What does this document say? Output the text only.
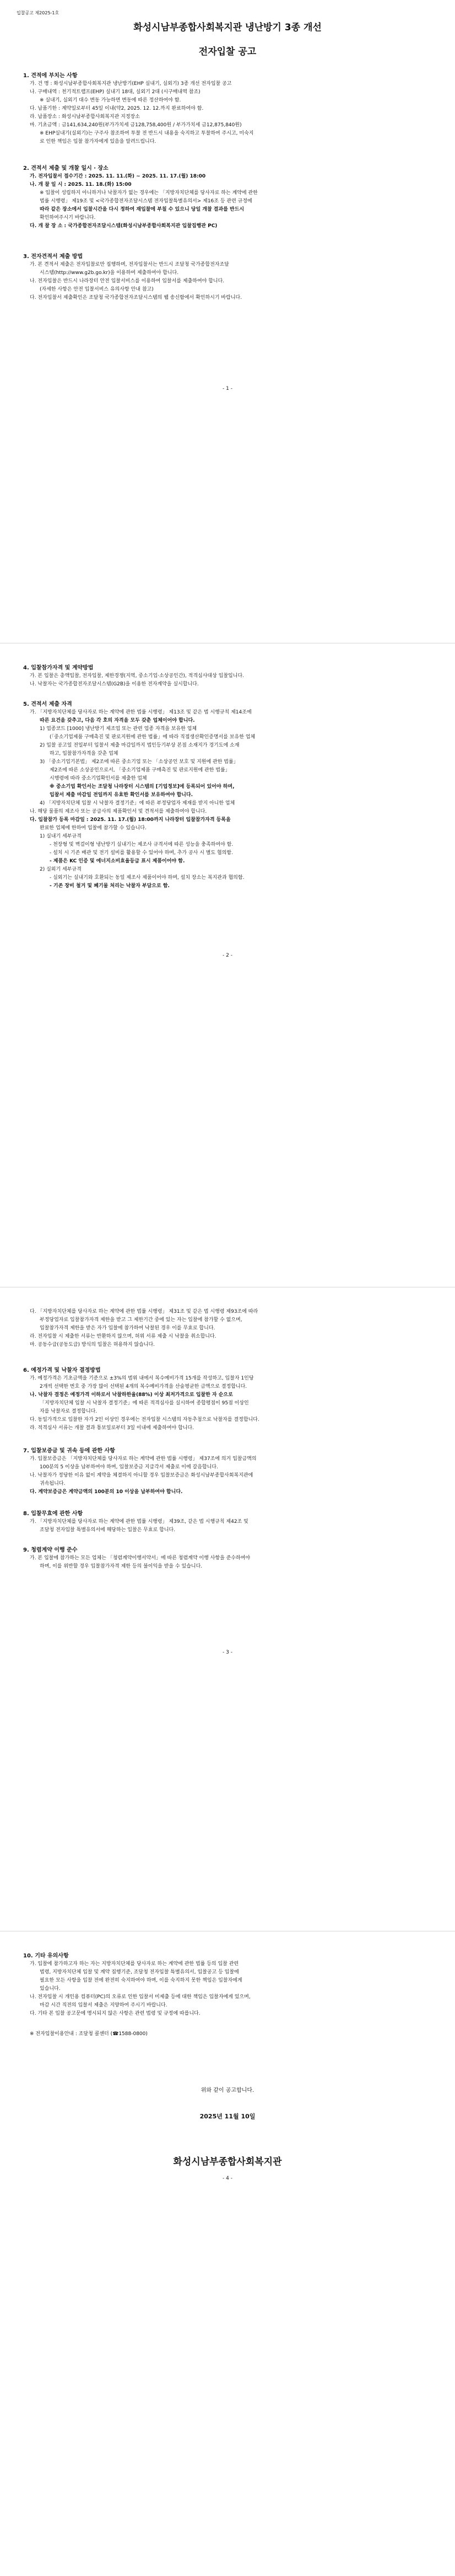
입찰공고 제2025-1호
화성시남부종합사회복지관 냉난방기 3종 개선
전자입찰 공고
1. 견적에 부치는 사항
가. 건 명 : 화성시남부종합사회복지관 냉난방기(EHP 실내기, 실외기) 3종 개선 전자입찰 공고
나. 구매내역 : 천기적트랩프(EHP) 실내기 18대, 실외기 2대 (시구매내역 참조)
※ 실내기, 실외기 대수 변동 가능하면 변동에 따른 정산하여야 함.
다. 납품기한 : 계약일로부터 45일 이내(약2, 2025. 12. 12.까지 완료하여야 함.
라. 납품장소 : 화성시남부종합사회복지관 지정장소
마. 기초금액 : 금141,634,240원(부가가치세 금128,758,400원 / 부가가치세 금12,875,840원)
※ EHP실내기(실외기)는 구주사 참조하여 투찰 전 반드시 내용을 숙지하고 투찰하여 주시고, 미숙지
로 인한 책임은 입찰 참가자에게 있음을 알려드립니다.
2. 견적서 제출 및 개찰 일시 · 장소
가. 전자입찰서 접수기간 : 2025. 11. 11.(화) ~ 2025. 11. 17.(월) 18:00
나. 개 찰 일 시 : 2025. 11. 18.(화) 15:00
※ 입찰이 성립하지 아니하거나 낙찰자가 없는 경우에는 「지방자치단체를 당사자로 하는 계약에 관한
법률 시행령」 제19조 및 <국가종합전자조달시스템 전자입찰특별유의서> 제16조 등 관련 규정에
따라 같은 장소에서 입찰시간을 다시 정하여 재입찰에 부칠 수 있으니 당일 개찰 결과를 반드시
확인하여주시기 바랍니다.
다. 개 찰 장 소 : 국가종합전자조달시스템(화성시남부종합사회복지관 입찰집행관 PC)
3. 전자견적서 제출 방법
가. 본 견적서 제출은 전자입찰로만 집행하며, 전자입찰서는 반드시 조달청 국가종합전자조달
시스템(http://www.g2b.go.kr)을 이용하여 제출하여야 합니다.
나. 전자입찰은 반드시 나라장터 안전 입찰서비스를 이용하여 입찰서를 제출하여야 합니다.
(자세한 사항은 안전 입찰서비스 유의사항 안내 참고)
다. 전자입찰서 제출확인은 조달청 국가종합전자조달시스템의 웹 송신함에서 확인하시기 바랍니다.
- 1 -
4. 입찰참가자격 및 계약방법
가. 본 입찰은 총액입찰, 전자입찰, 제한경쟁(지역, 중소기업·소상공인간), 적격심사대상 입찰입니다.
나. 낙찰자는 국가종합전자조달시스템(G2B)을 이용한 전자계약을 실시합니다.
5. 견적서 제출 자격
가. 「지방자치단체를 당사자로 하는 계약에 관한 법률 시행령」 제13조 및 같은 법 시행규칙 제14조에
따른 요건을 갖추고, 다음 각 호의 자격을 모두 갖춘 업체이어야 합니다.
1) 업종코드 [1000] 냉난방기 제조업 또는 관련 업종 자격을 보유한 업체
(「중소기업제품 구매촉진 및 판로지원에 관한 법률」에 따라 직접생산확인증명서를 보유한 업체
2) 입찰 공고일 전일부터 입찰서 제출 마감일까지 법인등기부상 본점 소재지가 경기도에 소재
하고, 입찰참가자격을 갖춘 업체
3) 「중소기업기본법」 제2조에 따른 중소기업 또는 「소상공인 보호 및 지원에 관한 법률」
제2조에 따른 소상공인으로서, 「중소기업제품 구매촉진 및 판로지원에 관한 법률」
시행령에 따라 중소기업확인서를 제출한 업체
※ 중소기업 확인서는 조달청 나라장터 시스템의 [기업정보]에 등록되어 있어야 하며,
입찰서 제출 마감일 전일까지 유효한 확인서를 보유하여야 합니다.
4) 「지방자치단체 입찰 시 낙찰자 결정기준」에 따른 부정당업자 제재를 받지 아니한 업체
나. 해당 물품의 제조사 또는 공급사의 제품확인서 및 견적서를 제출하여야 합니다.
다. 입찰참가 등록 마감일 : 2025. 11. 17.(월) 18:00까지 나라장터 입찰참가자격 등록을
완료한 업체에 한하여 입찰에 참가할 수 있습니다.
1) 실내기 세부규격
- 천장형 및 벽걸이형 냉난방기 실내기는 제조사 규격서에 따른 성능을 충족하여야 함.
- 설치 시 기존 배관 및 전기 설비를 활용할 수 있어야 하며, 추가 공사 시 별도 협의함.
- 제품은 KC 인증 및 에너지소비효율등급 표시 제품이어야 함.
2) 실외기 세부규격
- 실외기는 실내기와 호환되는 동일 제조사 제품이어야 하며, 설치 장소는 복지관과 협의함.
- 기존 장비 철거 및 폐기물 처리는 낙찰자 부담으로 함.
- 2 -
다. 「지방자치단체를 당사자로 하는 계약에 관한 법률 시행령」 제31조 및 같은 법 시행령 제93조에 따라
부정당업자로 입찰참가자격 제한을 받고 그 제한기간 중에 있는 자는 입찰에 참가할 수 없으며,
입찰참가자격 제한을 받은 자가 입찰에 참가하여 낙찰된 경우 이를 무효로 합니다.
라. 전자입찰 시 제출한 서류는 반환하지 않으며, 허위 서류 제출 시 낙찰을 취소합니다.
마. 공동수급(공동도급) 방식의 입찰은 허용하지 않습니다.
6. 예정가격 및 낙찰자 결정방법
가. 예정가격은 기초금액을 기준으로 ±3%의 범위 내에서 복수예비가격 15개를 작성하고, 입찰자 1인당
2개씩 선택한 번호 중 가장 많이 선택된 4개의 복수예비가격을 산술평균한 금액으로 결정합니다.
나. 낙찰자 결정은 예정가격 이하로서 낙찰하한율(88%) 이상 최저가격으로 입찰한 자 순으로
「지방자치단체 입찰 시 낙찰자 결정기준」에 따른 적격심사를 실시하여 종합평점이 95점 이상인
자를 낙찰자로 결정합니다.
다. 동일가격으로 입찰한 자가 2인 이상인 경우에는 전자입찰 시스템의 자동추첨으로 낙찰자를 결정합니다.
라. 적격심사 서류는 개찰 결과 통보일로부터 3일 이내에 제출하여야 합니다.
7. 입찰보증금 및 귀속 등에 관한 사항
가. 입찰보증금은 「지방자치단체를 당사자로 하는 계약에 관한 법률 시행령」 제37조에 의거 입찰금액의
100분의 5 이상을 납부하여야 하며, 입찰보증금 지급각서 제출로 이에 갈음합니다.
나. 낙찰자가 정당한 이유 없이 계약을 체결하지 아니할 경우 입찰보증금은 화성시남부종합사회복지관에
귀속됩니다.
다. 계약보증금은 계약금액의 100분의 10 이상을 납부하여야 합니다.
8. 입찰무효에 관한 사항
가. 「지방자치단체를 당사자로 하는 계약에 관한 법률 시행령」 제39조, 같은 법 시행규칙 제42조 및
조달청 전자입찰 특별유의서에 해당하는 입찰은 무효로 합니다.
9. 청렴계약 이행 준수
가. 본 입찰에 참가하는 모든 업체는 「청렴계약이행서약서」에 따른 청렴계약 이행 사항을 준수하여야
하며, 이를 위반할 경우 입찰참가자격 제한 등의 불이익을 받을 수 있습니다.
- 3 -
10. 기타 유의사항
가. 입찰에 참가하고자 하는 자는 지방자치단체를 당사자로 하는 계약에 관한 법률 등의 입찰 관련
법령, 지방자치단체 입찰 및 계약 집행기준, 조달청 전자입찰 특별유의서, 입찰공고 등 입찰에
필요한 모든 사항을 입찰 전에 완전히 숙지하여야 하며, 이를 숙지하지 못한 책임은 입찰자에게
있습니다.
나. 전자입찰 시 개인용 컴퓨터(PC)의 오류로 인한 입찰서 미제출 등에 대한 책임은 입찰자에게 있으며,
마감 시간 직전의 입찰서 제출은 지양하여 주시기 바랍니다.
다. 기타 본 입찰 공고문에 명시되지 않은 사항은 관련 법령 및 규정에 따릅니다.
※ 전자입찰이용안내 : 조달청 콜센터 (☎1588-0800)
위와 같이 공고합니다.
2025년 11월 10일
화성시남부종합사회복지관
- 4 -
